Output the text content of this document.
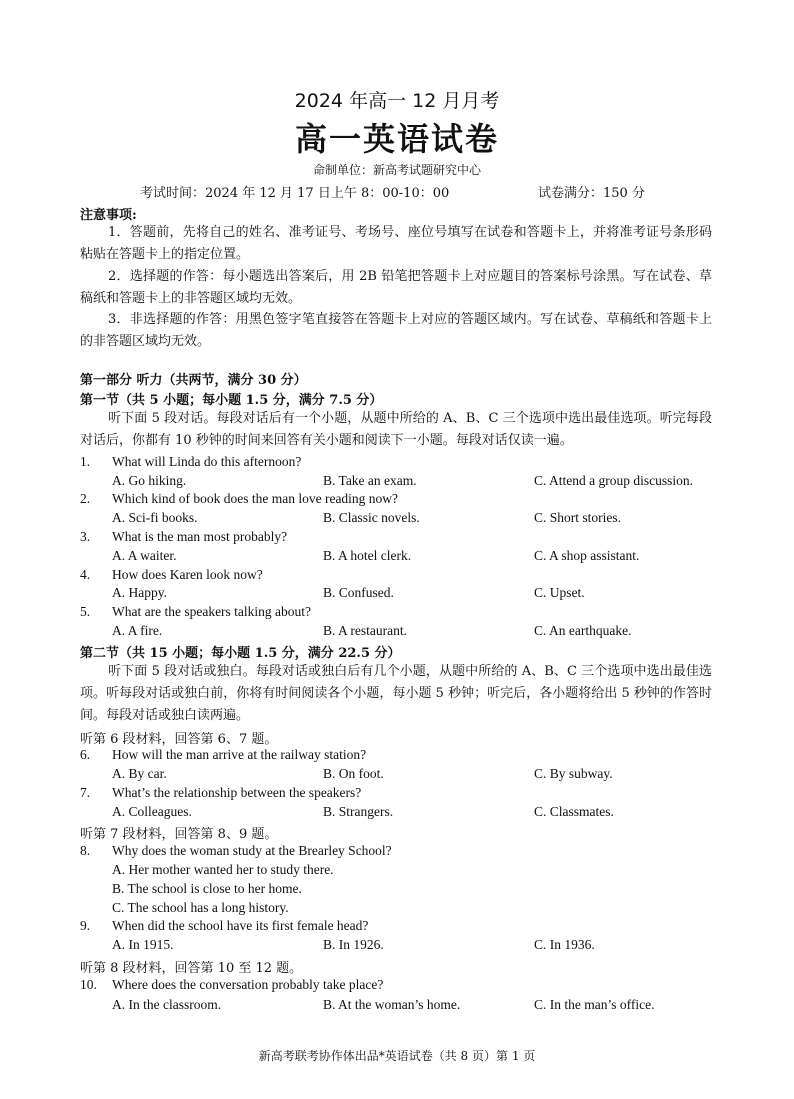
2024 年高一 12 月月考
高一英语试卷
命制单位：新高考试题研究中心
考试时间：2024 年 12 月 17 日上午 8：00-10：00	试卷满分：150 分
注意事项:
1．答题前，先将自己的姓名、准考证号、考场号、座位号填写在试卷和答题卡上，并将准考证号条形码粘贴在答题卡上的指定位置。
2．选择题的作答：每小题选出答案后，用 2B 铅笔把答题卡上对应题目的答案标号涂黑。写在试卷、草稿纸和答题卡上的非答题区域均无效。
3．非选择题的作答：用黑色签字笔直接答在答题卡上对应的答题区域内。写在试卷、草稿纸和答题卡上的非答题区域均无效。
第一部分 听力（共两节，满分 30 分）
第一节（共 5 小题；每小题 1.5 分，满分 7.5 分）
听下面 5 段对话。每段对话后有一个小题，从题中所给的 A、B、C 三个选项中选出最佳选项。听完每段对话后，你都有 10 秒钟的时间来回答有关小题和阅读下一小题。每段对话仅读一遍。
1. What will Linda do this afternoon?
A. Go hiking.	B. Take an exam.	C. Attend a group discussion.
2. Which kind of book does the man love reading now?
A. Sci-fi books.	B. Classic novels.	C. Short stories.
3. What is the man most probably?
A. A waiter.	B. A hotel clerk.	C. A shop assistant.
4. How does Karen look now?
A. Happy.	B. Confused.	C. Upset.
5. What are the speakers talking about?
A. A fire.	B. A restaurant.	C. An earthquake.
第二节（共 15 小题；每小题 1.5 分，满分 22.5 分）
听下面 5 段对话或独白。每段对话或独白后有几个小题，从题中所给的 A、B、C 三个选项中选出最佳选项。听每段对话或独白前，你将有时间阅读各个小题，每小题 5 秒钟；听完后，各小题将给出 5 秒钟的作答时间。每段对话或独白读两遍。
听第 6 段材料，回答第 6、7 题。
6. How will the man arrive at the railway station?
A. By car.	B. On foot.	C. By subway.
7. What’s the relationship between the speakers?
A. Colleagues.	B. Strangers.	C. Classmates.
听第 7 段材料，回答第 8、9 题。
8. Why does the woman study at the Brearley School?
A. Her mother wanted her to study there.
B. The school is close to her home.
C. The school has a long history.
9. When did the school have its first female head?
A. In 1915.	B. In 1926.	C. In 1936.
听第 8 段材料，回答第 10 至 12 题。
10. Where does the conversation probably take place?
A. In the classroom.	B. At the woman’s home.	C. In the man’s office.
新高考联考协作体出品*英语试卷（共 8 页）第 1 页
